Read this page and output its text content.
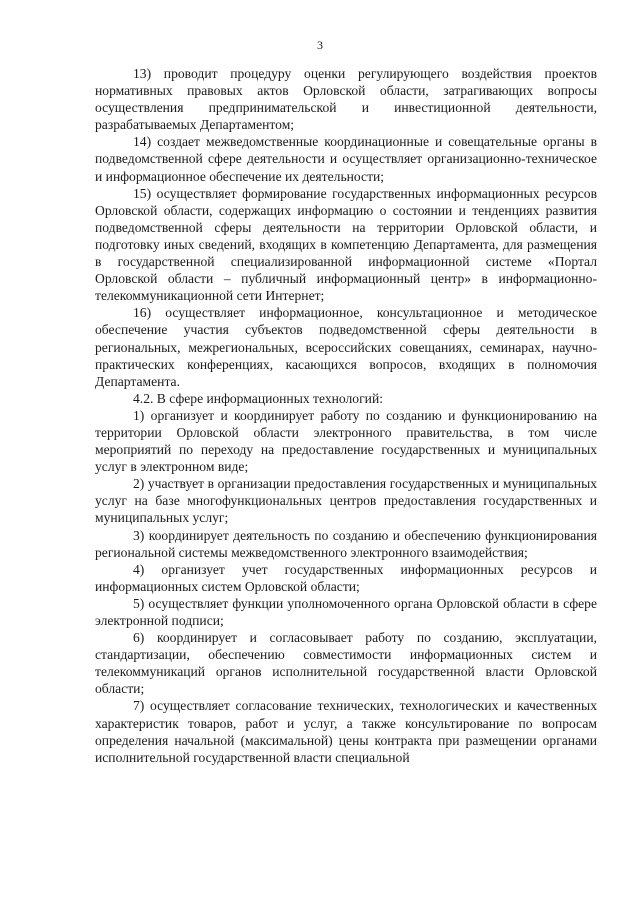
3

13) проводит процедуру оценки регулирующего воздействия проектов нормативных правовых актов Орловской области, затрагивающих вопросы осуществления предпринимательской и инвестиционной деятельности, разрабатываемых Департаментом;

14) создает межведомственные координационные и совещательные органы в подведомственной сфере деятельности и осуществляет организационно-техническое и информационное обеспечение их деятельности;

15) осуществляет формирование государственных информационных ресурсов Орловской области, содержащих информацию о состоянии и тенденциях развития подведомственной сферы деятельности на территории Орловской области, и подготовку иных сведений, входящих в компетенцию Департамента, для размещения в государственной специализированной информационной системе «Портал Орловской области – публичный информационный центр» в информационно-телекоммуникационной сети Интернет;

16) осуществляет информационное, консультационное и методическое обеспечение участия субъектов подведомственной сферы деятельности в региональных, межрегиональных, всероссийских совещаниях, семинарах, научно-практических конференциях, касающихся вопросов, входящих в полномочия Департамента.

4.2. В сфере информационных технологий:

1) организует и координирует работу по созданию и функционированию на территории Орловской области электронного правительства, в том числе мероприятий по переходу на предоставление государственных и муниципальных услуг в электронном виде;

2) участвует в организации предоставления государственных и муниципальных услуг на базе многофункциональных центров предоставления государственных и муниципальных услуг;

3) координирует деятельность по созданию и обеспечению функционирования региональной системы межведомственного электронного взаимодействия;

4) организует учет государственных информационных ресурсов и информационных систем Орловской области;

5) осуществляет функции уполномоченного органа Орловской области в сфере электронной подписи;

6) координирует и согласовывает работу по созданию, эксплуатации, стандартизации, обеспечению совместимости информационных систем и телекоммуникаций органов исполнительной государственной власти Орловской области;

7) осуществляет согласование технических, технологических и качественных характеристик товаров, работ и услуг, а также консультирование по вопросам определения начальной (максимальной) цены контракта при размещении органами исполнительной государственной власти специальной
